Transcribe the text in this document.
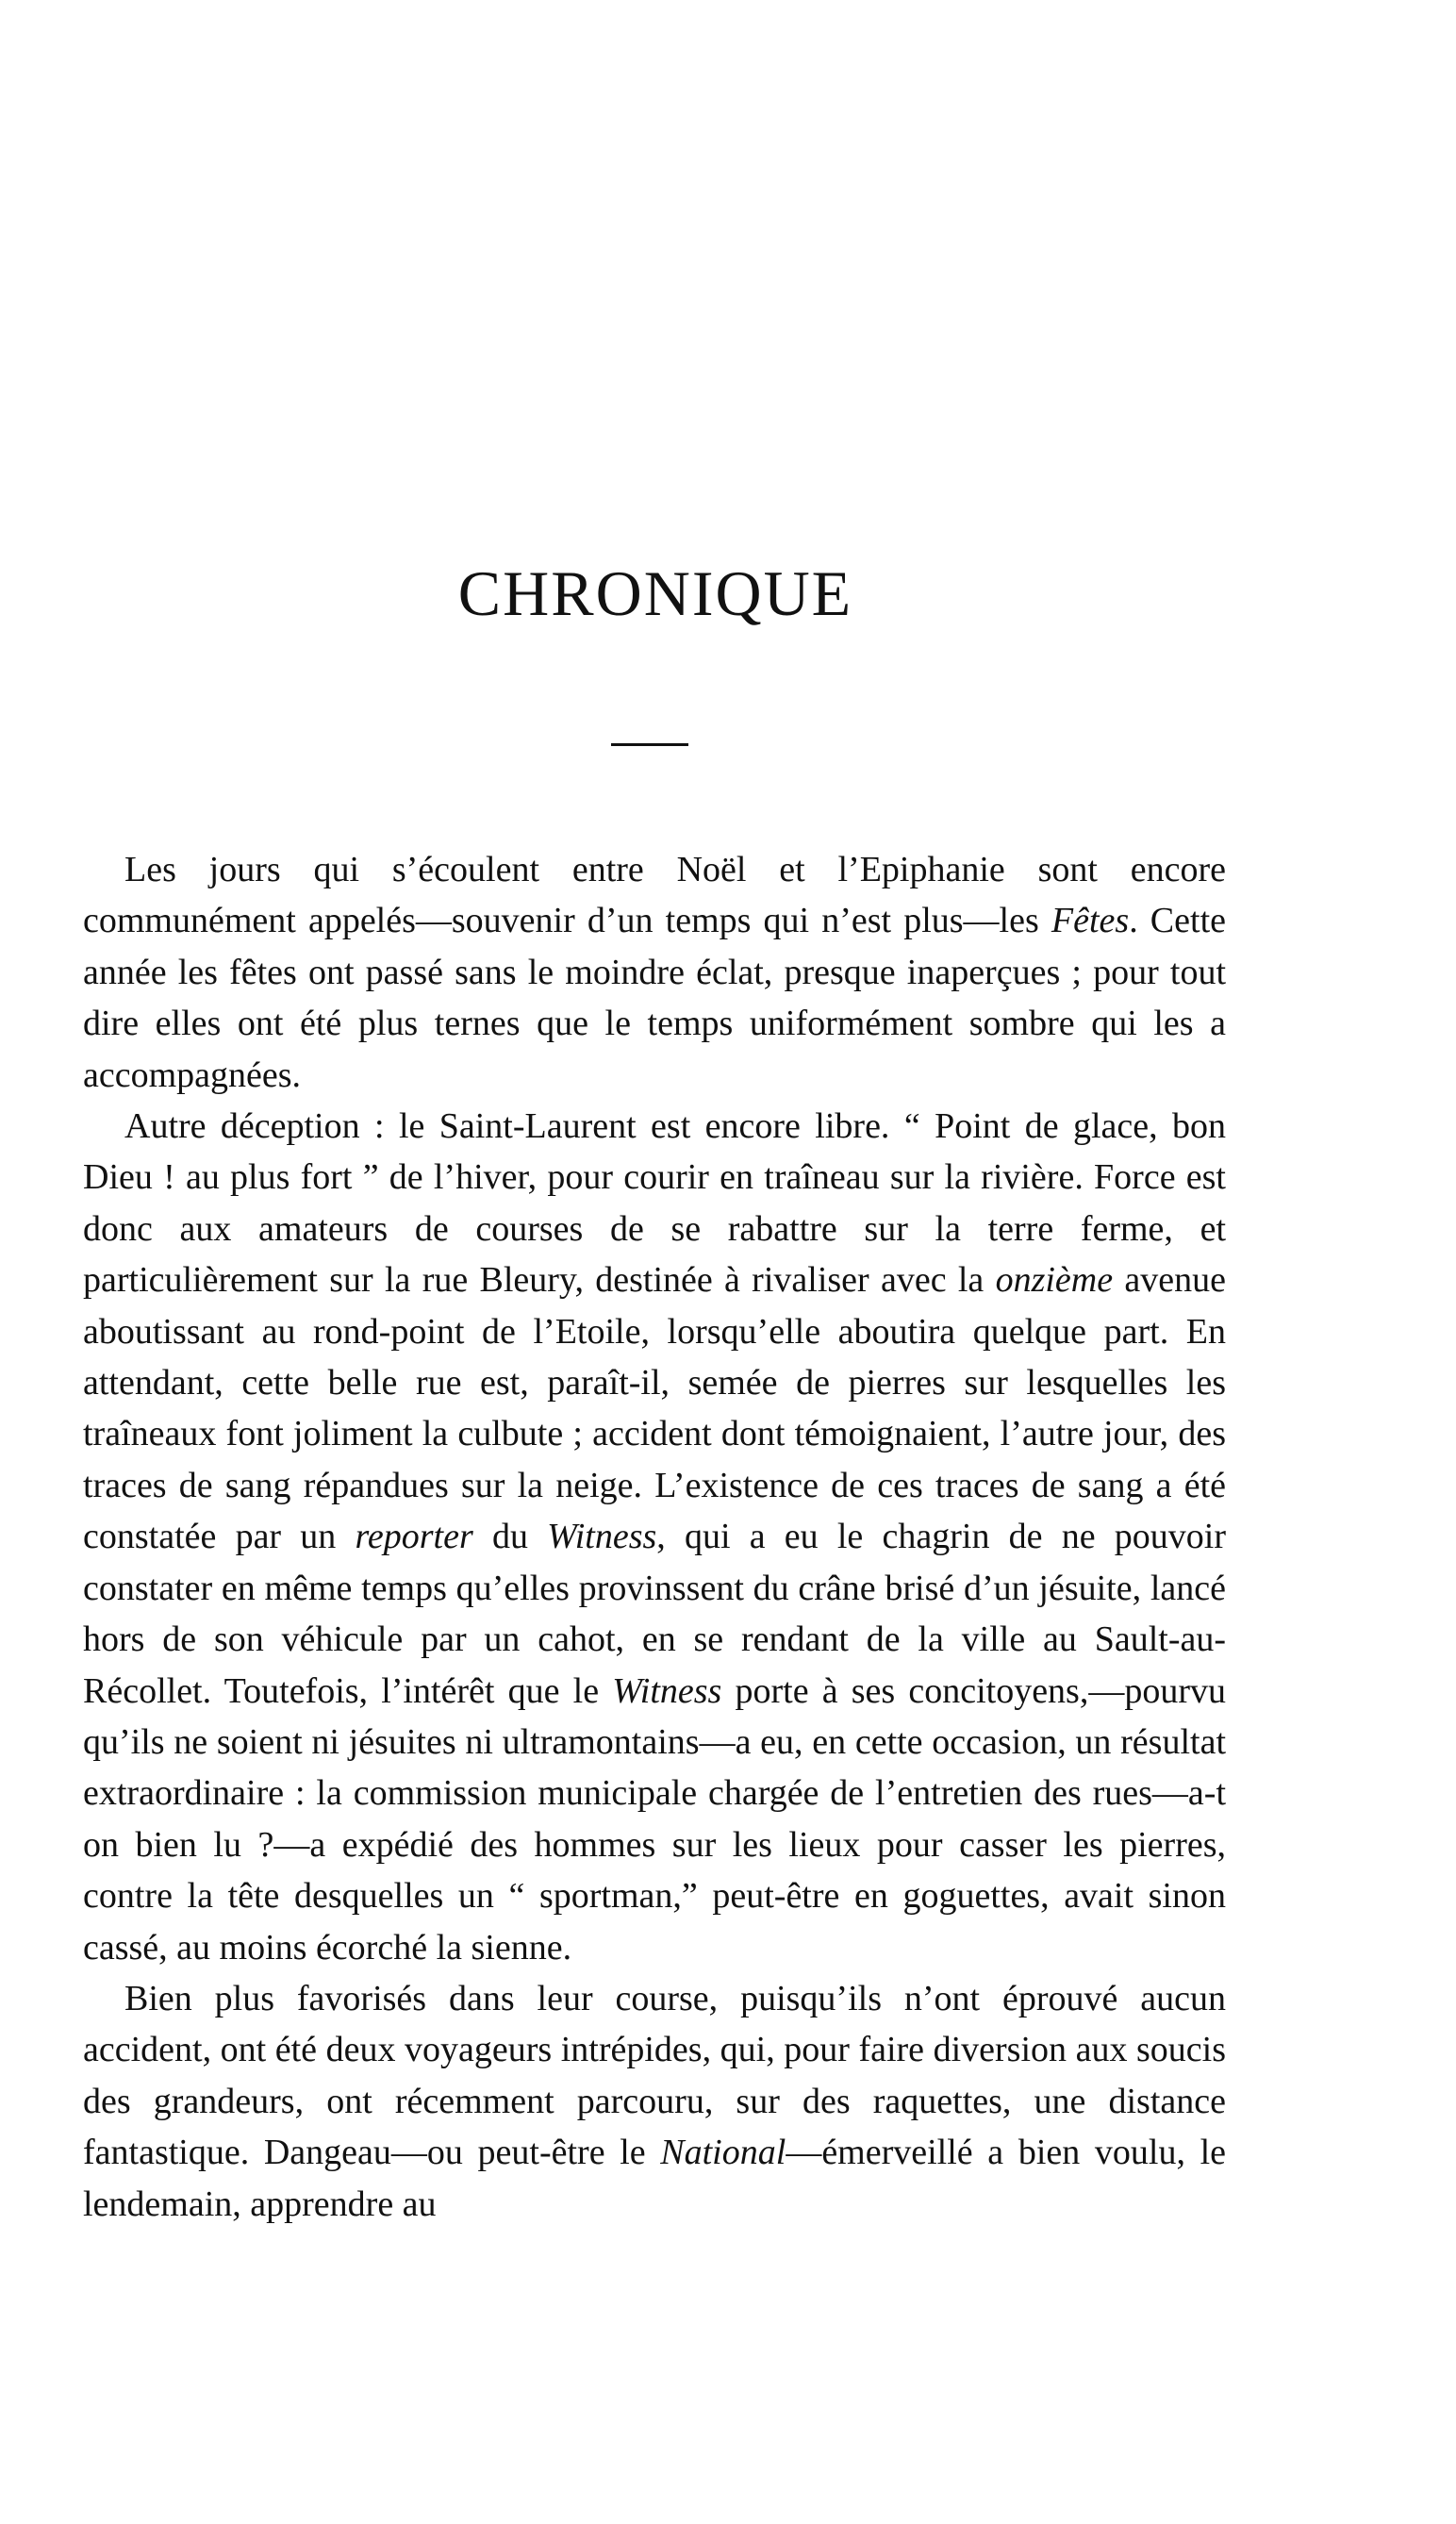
CHRONIQUE

Les jours qui s’écoulent entre Noël et l’Epiphanie sont encore communément appelés—souvenir d’un temps qui n’est plus—les Fêtes. Cette année les fêtes ont passé sans le moindre éclat, presque inaperçues ; pour tout dire elles ont été plus ternes que le temps uniformément sombre qui les a accompagnées.

Autre déception : le Saint-Laurent est encore libre. “ Point de glace, bon Dieu ! au plus fort ” de l’hiver, pour courir en traîneau sur la rivière. Force est donc aux amateurs de courses de se rabattre sur la terre ferme, et particulièrement sur la rue Bleury, destinée à rivaliser avec la onzième avenue aboutissant au rond-point de l’Etoile, lorsqu’elle aboutira quelque part. En attendant, cette belle rue est, paraît-il, semée de pierres sur lesquelles les traîneaux font joliment la culbute ; accident dont témoignaient, l’autre jour, des traces de sang répandues sur la neige. L’existence de ces traces de sang a été constatée par un reporter du Witness, qui a eu le chagrin de ne pouvoir constater en même temps qu’elles provinssent du crâne brisé d’un jésuite, lancé hors de son véhicule par un cahot, en se rendant de la ville au Sault-au-Récollet. Toutefois, l’intérêt que le Witness porte à ses concitoyens,—pourvu qu’ils ne soient ni jésuites ni ultramontains—a eu, en cette occasion, un résultat extraordinaire : la commission municipale chargée de l’entretien des rues—a-t on bien lu ?—a expédié des hommes sur les lieux pour casser les pierres, contre la tête desquelles un “ sportman,” peut-être en goguettes, avait sinon cassé, au moins écorché la sienne.

Bien plus favorisés dans leur course, puisqu’ils n’ont éprouvé aucun accident, ont été deux voyageurs intrépides, qui, pour faire diversion aux soucis des grandeurs, ont récemment parcouru, sur des raquettes, une distance fantastique. Dangeau—ou peut-être le National—émerveillé a bien voulu, le lendemain, apprendre au
